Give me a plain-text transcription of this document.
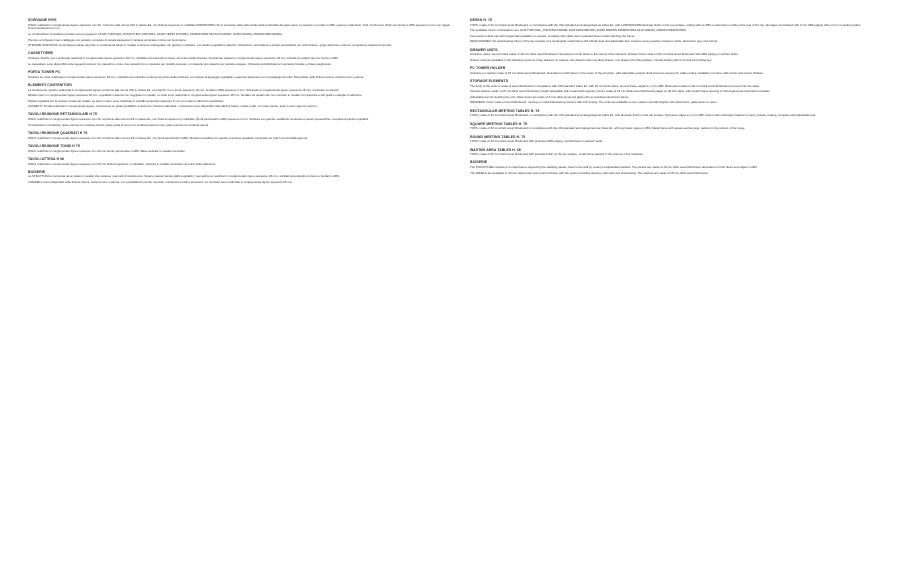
SCRIVANIE RIYE

PIANI: realizzati in conglomerato ligneo spessore mm 40, conforme alla norma UNI in classe E1, con finitura superiore in nobilitato PRIMOFORM che si conclude nella parte finale della profondità del piano dove è presente un profilo in ABS, oppure in alluminio. Tutti i bordi sono rifiniti con bordo in ABS spessore 2 mm con raggio di arrotondamento 2 mm.

Le combinazioni cromatiche previste sono le seguenti: OLMO TORTORA_STRUTTURA TORTORA; OLMO TESTA DI MORO_PRIMOFORM TESTA DI MORO; OLMO PANNA_PRIMOFORM PANNA.

Previsto a richiesta il vano cablaggio con portello, completo di canala passacavi in lamiera verniciata in tinta con la struttura.

STRUZZE SCRIVANIA: la struttura portante del piano è costituita da telaio in metallo a sezione rettangolare con gambe in tubolare, con piedini regolabili in altezza. Colorazioni: verniciatura a polveri epossidiche nei colori bianco, grigio alluminio e tortora, completa di cassetti di servizio.

CASSETTIERE

Struttura, fianchi, top e schienale realizzati in conglomerato ligneo spessore 18 mm, nobilitato ad entrambe le facce nel colore della struttura. Frontali dei cassetti in conglomerato ligneo spessore 18 mm, bordati sui quattro lati con bordo in ABS.

Le cassettiere sono disponibili nelle seguenti versioni: tre cassetti su ruote; due cassetti più un cassetto per cartelle sospese; un cassetto più cassetto per cartelle sospese. Chiusura centralizzata con serratura frontale e chiave pieghevole.

PORTA TOWER PC

Struttura su ruote realizzata in conglomerato ligneo spessore 18 mm, nobilitato ad entrambe le facce nel colore della struttura, con ripiano di appoggio regolabile e apertura posteriore per il passaggio dei cavi. Disponibile nelle finiture tortora, testa di moro e panna.

ELEMENTI CONTENITORI

La struttura dei mobili è realizzata in conglomerato ligneo conforme alla norma UNI in classe E1, con fianchi, top e fondo spessore 18 mm, bordati in ABS spessore 2 mm. Schienale in conglomerato ligneo spessore 18 mm, incassato nei fianchi.

Ripiani interni in conglomerato ligneo spessore 25 mm, regolabili in altezza con reggipiani in metallo. Le ante sono realizzate in conglomerato ligneo spessore 18 mm, bordate sui quattro lati, con cerniere in metallo con apertura a 110 gradi e maniglie in alluminio.

Piedini regolabili per la messa in bolla del mobile. Le ante in vetro sono realizzate in cristallo temperato spessore 5 mm con telaio in alluminio anodizzato.

CASSETTI: frontali realizzati in conglomerato ligneo, scorrimento su guide metalliche a sfera con chiusura rallentata. I contenitori sono disponibili nelle altezze basso, medio e alto, con ante cieche, ante in vetro oppure a giorno.

TAVOLI RIUNIONE RETTANGOLARI H 75

PIANI: realizzati in conglomerato ligneo spessore mm 40, conforme alla norma UNI in classe E1, con finitura superiore in nobilitato. Bordi perimetrali in ABS spessore 2 mm. Struttura con gambe metalliche verniciate a polveri epossidiche, completa di piedini regolabili.

Combinazioni cromatiche: piano tortora con struttura tortora; piano testa di moro con struttura testa di moro; piano panna con struttura panna.

TAVOLI RIUNIONE QUADRATI H 75

PIANI: realizzati in conglomerato ligneo spessore mm 40, conforme alla norma UNI in classe E1, con bordi perimetrali in ABS. Struttura metallica con gambe a sezione quadrata, verniciata nei colori previsti dalla gamma.

TAVOLI RIUNIONE TONDI H 75

PIANI: realizzati in conglomerato ligneo spessore mm 40 con bordo perimetrale in ABS. Base centrale in metallo verniciato.

TAVOLI ATTESA H 36

PIANI: realizzati in conglomerato ligneo spessore mm 25 con finitura superiore in nobilitato, struttura in metallo verniciato nei colori della collezione.

BOISERIE

La STRUTTURA è composta da un telaio in metallo che sostiene i pannelli di rivestimento, fissati a parete tramite staffe regolabili. I pannelli sono realizzati in conglomerato ligneo spessore 18 mm, nobilitati ad entrambe le facce e bordati in ABS.

I PANNELLI sono disponibili nelle finiture tortora, testa di moro e panna, con possibilità di inserire mensole, contenitori pensili e accessori. Le mensole sono realizzate in conglomerato ligneo spessore 25 mm.

DESKS H. 75

TOPS: made of 40 mm-thick wood fibreboard, in compliance with the UNI standard and categorised as Class E1, with a PRIMOFORM laminate finish on the top surface, ending with an ABS or aluminium profile at the rear of the top. All edges are finished with 2 mm ABS edging with a 2 mm rounding radius.

The available colour combinations are: ELM TORTORA_TORTORA FRAME; ELM DARK BROWN_DARK BROWN PRIMOFORM; ELM CREAM_CREAM PRIMOFORM.

Two-section cable tray with hinged flap available on request, complete with cable duct in painted sheet metal matching the frame.

DESK FRAMES: the load-bearing frame of the top consists of a rectangular metal frame with tubular legs and adjustable feet. Colours: epoxy powder coating in white, aluminium grey and tortora.

DRAWER UNITS

Structure, sides, top and back made of 18 mm-thick wood fibreboard, laminated on both faces in the colour of the structure. Drawer fronts made of 18 mm-thick wood fibreboard with ABS edging on all four sides.

Drawer units are available in the following versions: three drawers on castors; two drawers plus one filing drawer; one drawer plus filing drawer. Central locking with front lock and folding key.

PC TOWER HOLDER

Structure on castors made of 18 mm-thick wood fibreboard, laminated on both faces in the colour of the structure, with adjustable support shelf and rear opening for cable routing. Available in tortora, dark brown and cream finishes.

STORAGE ELEMENTS

The body of the units is made of wood fibreboard in compliance with UNI standard Class E1, with 18 mm-thick sides, top and base, edged in 2 mm ABS. Back panel made of 18 mm-thick wood fibreboard recessed into the sides.

Internal shelves made of 25 mm-thick wood fibreboard, height adjustable with metal shelf supports. Doors made of 18 mm-thick wood fibreboard edged on all four sides, with metal hinges opening to 110 degrees and aluminium handles.

Adjustable feet for levelling the unit. Glass doors are made of 5 mm-thick tempered glass with an anodised aluminium frame.

DRAWERS: fronts made of wood fibreboard, running on metal ball-bearing runners with soft closing. The units are available in low, medium and tall heights, with solid doors, glass doors or open.

RECTANGULAR MEETING TABLES H. 75

TOPS: made of 40 mm-thick wood fibreboard, in compliance with the UNI standard and categorised as Class E1, with laminate finish on the top surface. Perimeter edges in 2 mm ABS. Frame with metal legs finished in epoxy powder coating, complete with adjustable feet.

SQUARE MEETING TABLES H. 75

TOPS: made of 40 mm-thick wood fibreboard in compliance with the UNI standard and categorised as Class E1, with perimeter edges in ABS. Metal frame with square-section legs, painted in the colours of the range.

ROUND MEETING TABLES H. 75

TOPS: made of 40 mm-thick wood fibreboard with perimeter ABS edging. Central base in painted metal.

WAITING AREA TABLES H. 36

TOPS: made of 25 mm-thick wood fibreboard with laminate finish on the top surface, metal frame painted in the colours of the collection.

BOISERIE

The STRUCTURE consists of a metal frame supporting the cladding panels, fixed to the wall by means of adjustable brackets. The panels are made of 18 mm-thick wood fibreboard, laminated on both faces and edged in ABS.

The PANELS are available in tortora, dark brown and cream finishes, with the option of adding shelves, wall units and accessories. The shelves are made of 25 mm-thick wood fibreboard.
